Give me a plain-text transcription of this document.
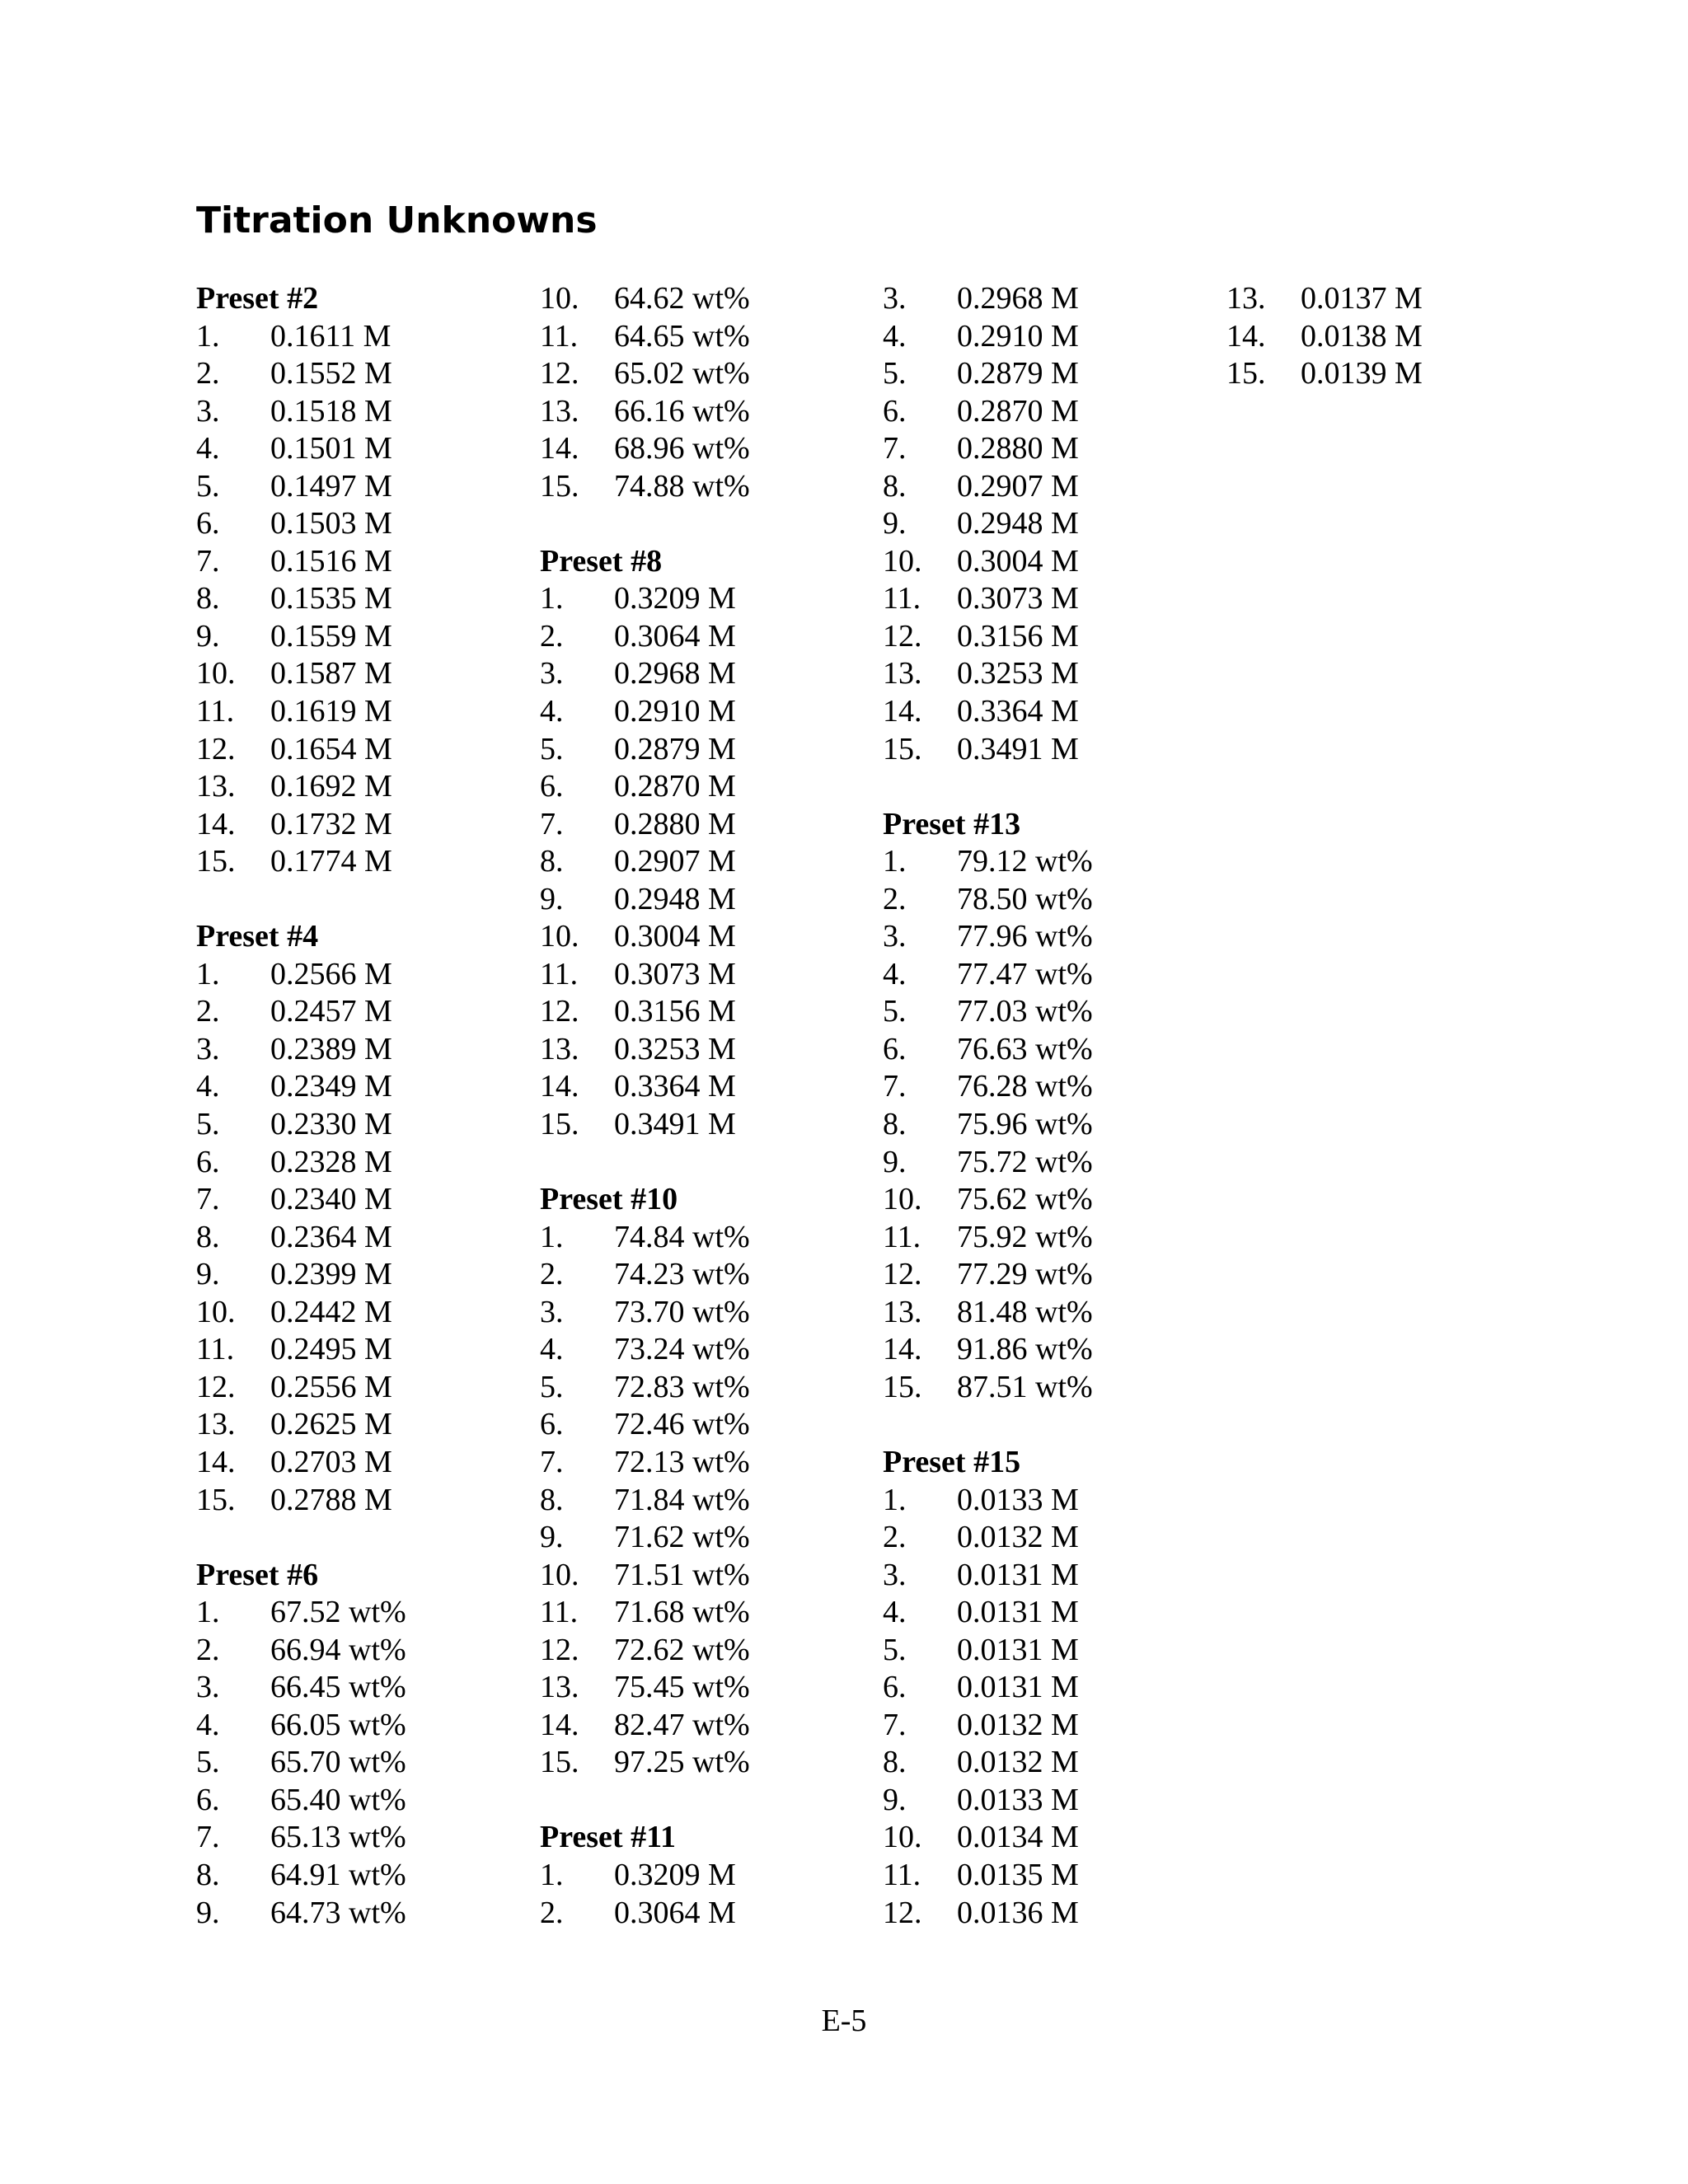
Titration Unknowns
Preset #2
1. 0.1611 M
2. 0.1552 M
3. 0.1518 M
4. 0.1501 M
5. 0.1497 M
6. 0.1503 M
7. 0.1516 M
8. 0.1535 M
9. 0.1559 M
10. 0.1587 M
11. 0.1619 M
12. 0.1654 M
13. 0.1692 M
14. 0.1732 M
15. 0.1774 M
Preset #4
1. 0.2566 M
2. 0.2457 M
3. 0.2389 M
4. 0.2349 M
5. 0.2330 M
6. 0.2328 M
7. 0.2340 M
8. 0.2364 M
9. 0.2399 M
10. 0.2442 M
11. 0.2495 M
12. 0.2556 M
13. 0.2625 M
14. 0.2703 M
15. 0.2788 M
Preset #6
1. 67.52 wt%
2. 66.94 wt%
3. 66.45 wt%
4. 66.05 wt%
5. 65.70 wt%
6. 65.40 wt%
7. 65.13 wt%
8. 64.91 wt%
9. 64.73 wt%
10. 64.62 wt%
11. 64.65 wt%
12. 65.02 wt%
13. 66.16 wt%
14. 68.96 wt%
15. 74.88 wt%
Preset #8
1. 0.3209 M
2. 0.3064 M
3. 0.2968 M
4. 0.2910 M
5. 0.2879 M
6. 0.2870 M
7. 0.2880 M
8. 0.2907 M
9. 0.2948 M
10. 0.3004 M
11. 0.3073 M
12. 0.3156 M
13. 0.3253 M
14. 0.3364 M
15. 0.3491 M
Preset #10
1. 74.84 wt%
2. 74.23 wt%
3. 73.70 wt%
4. 73.24 wt%
5. 72.83 wt%
6. 72.46 wt%
7. 72.13 wt%
8. 71.84 wt%
9. 71.62 wt%
10. 71.51 wt%
11. 71.68 wt%
12. 72.62 wt%
13. 75.45 wt%
14. 82.47 wt%
15. 97.25 wt%
Preset #11
1. 0.3209 M
2. 0.3064 M
3. 0.2968 M
4. 0.2910 M
5. 0.2879 M
6. 0.2870 M
7. 0.2880 M
8. 0.2907 M
9. 0.2948 M
10. 0.3004 M
11. 0.3073 M
12. 0.3156 M
13. 0.3253 M
14. 0.3364 M
15. 0.3491 M
Preset #13
1. 79.12 wt%
2. 78.50 wt%
3. 77.96 wt%
4. 77.47 wt%
5. 77.03 wt%
6. 76.63 wt%
7. 76.28 wt%
8. 75.96 wt%
9. 75.72 wt%
10. 75.62 wt%
11. 75.92 wt%
12. 77.29 wt%
13. 81.48 wt%
14. 91.86 wt%
15. 87.51 wt%
Preset #15
1. 0.0133 M
2. 0.0132 M
3. 0.0131 M
4. 0.0131 M
5. 0.0131 M
6. 0.0131 M
7. 0.0132 M
8. 0.0132 M
9. 0.0133 M
10. 0.0134 M
11. 0.0135 M
12. 0.0136 M
13. 0.0137 M
14. 0.0138 M
15. 0.0139 M
E-5
